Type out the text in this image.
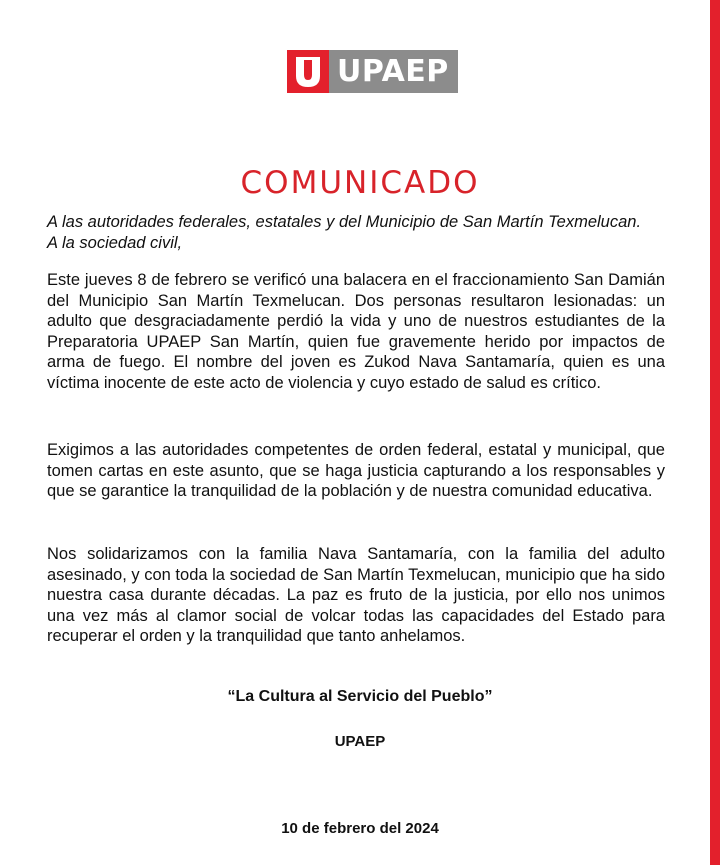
UPAEP
COMUNICADO
A las autoridades federales, estatales y del Municipio de San Martín Texmelucan.
A la sociedad civil,

Este jueves 8 de febrero se verificó una balacera en el fraccionamiento San Damián del Municipio San Martín Texmelucan. Dos personas resultaron lesionadas: un adulto que desgraciadamente perdió la vida y uno de nuestros estudiantes de la Preparatoria UPAEP San Martín, quien fue gravemente herido por impactos de arma de fuego. El nombre del joven es Zukod Nava Santamaría, quien es una víctima inocente de este acto de violencia y cuyo estado de salud es crítico.

Exigimos a las autoridades competentes de orden federal, estatal y municipal, que tomen cartas en este asunto, que se haga justicia capturando a los responsables y que se garantice la tranquilidad de la población y de nuestra comunidad educativa.

Nos solidarizamos con la familia Nava Santamaría, con la familia del adulto asesinado, y con toda la sociedad de San Martín Texmelucan, municipio que ha sido nuestra casa durante décadas. La paz es fruto de la justicia, por ello nos unimos una vez más al clamor social de volcar todas las capacidades del Estado para recuperar el orden y la tranquilidad que tanto anhelamos.

“La Cultura al Servicio del Pueblo”
UPAEP
10 de febrero del 2024
